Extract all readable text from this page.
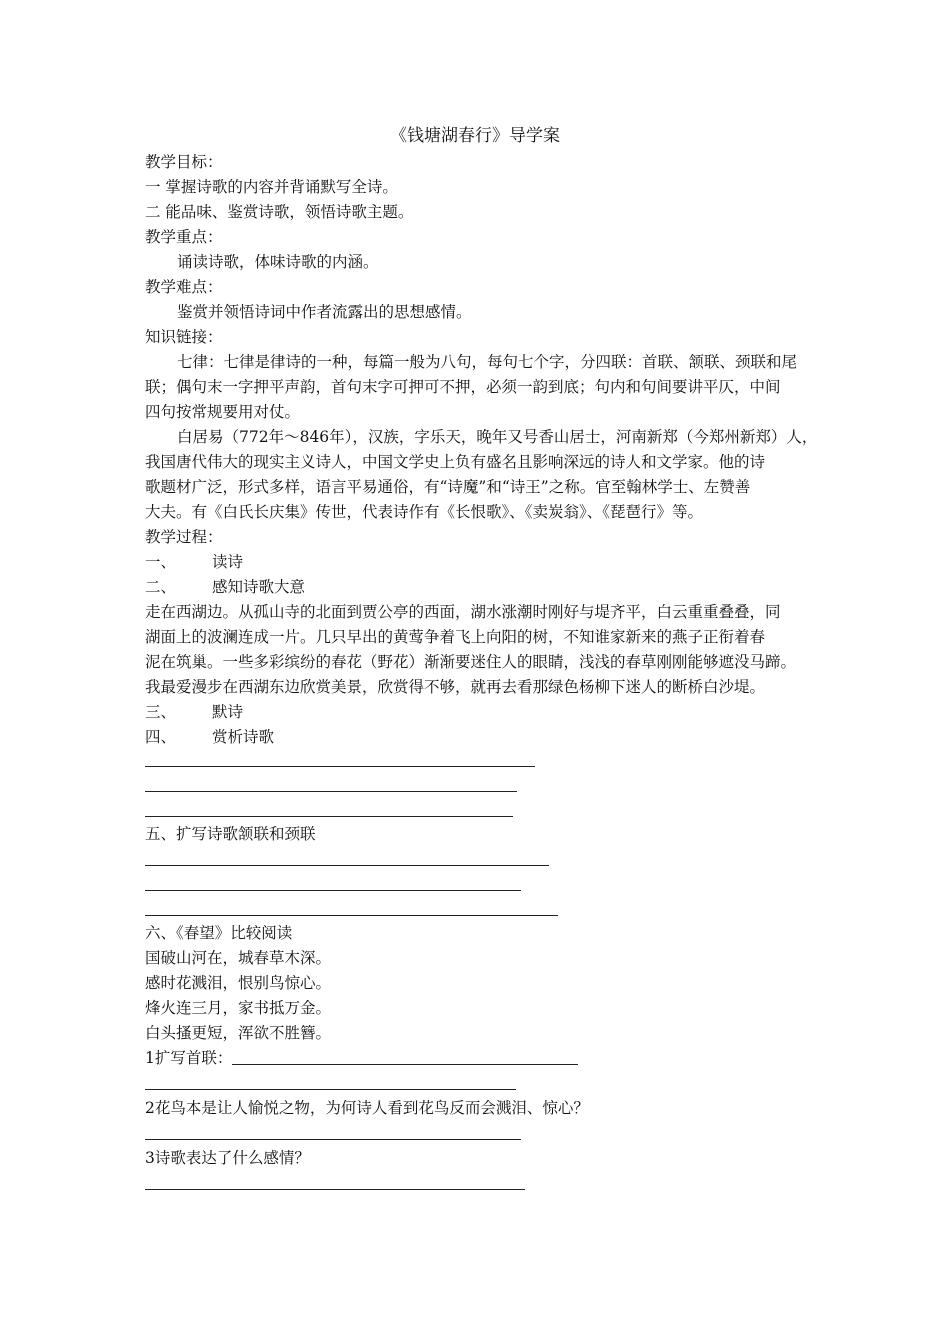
《钱塘湖春行》导学案
教学目标：
一 掌握诗歌的内容并背诵默写全诗。
二 能品味、鉴赏诗歌，领悟诗歌主题。
教学重点：
诵读诗歌，体味诗歌的内涵。
教学难点：
鉴赏并领悟诗词中作者流露出的思想感情。
知识链接：
七律：七律是律诗的一种，每篇一般为八句，每句七个字，分四联：首联、颔联、颈联和尾
联；偶句末一字押平声韵，首句末字可押可不押，必须一韵到底；句内和句间要讲平仄，中间
四句按常规要用对仗。
白居易（772年～846年），汉族，字乐天，晚年又号香山居士，河南新郑（今郑州新郑）人，
我国唐代伟大的现实主义诗人，中国文学史上负有盛名且影响深远的诗人和文学家。他的诗
歌题材广泛，形式多样，语言平易通俗，有“诗魔”和“诗王”之称。官至翰林学士、左赞善
大夫。有《白氏长庆集》传世，代表诗作有《长恨歌》、《卖炭翁》、《琵琶行》等。
教学过程：
一、 读诗
二、 感知诗歌大意
走在西湖边。从孤山寺的北面到贾公亭的西面，湖水涨潮时刚好与堤齐平，白云重重叠叠，同
湖面上的波澜连成一片。几只早出的黄莺争着飞上向阳的树，不知谁家新来的燕子正衔着春
泥在筑巢。一些多彩缤纷的春花（野花）渐渐要迷住人的眼睛，浅浅的春草刚刚能够遮没马蹄。
我最爱漫步在西湖东边欣赏美景，欣赏得不够，就再去看那绿色杨柳下迷人的断桥白沙堤。
三、 默诗
四、 赏析诗歌
五、扩写诗歌颔联和颈联
六、《春望》比较阅读
国破山河在，城春草木深。
感时花溅泪，恨别鸟惊心。
烽火连三月，家书抵万金。
白头搔更短，浑欲不胜簪。
1扩写首联：
2花鸟本是让人愉悦之物，为何诗人看到花鸟反而会溅泪、惊心？
3诗歌表达了什么感情？
